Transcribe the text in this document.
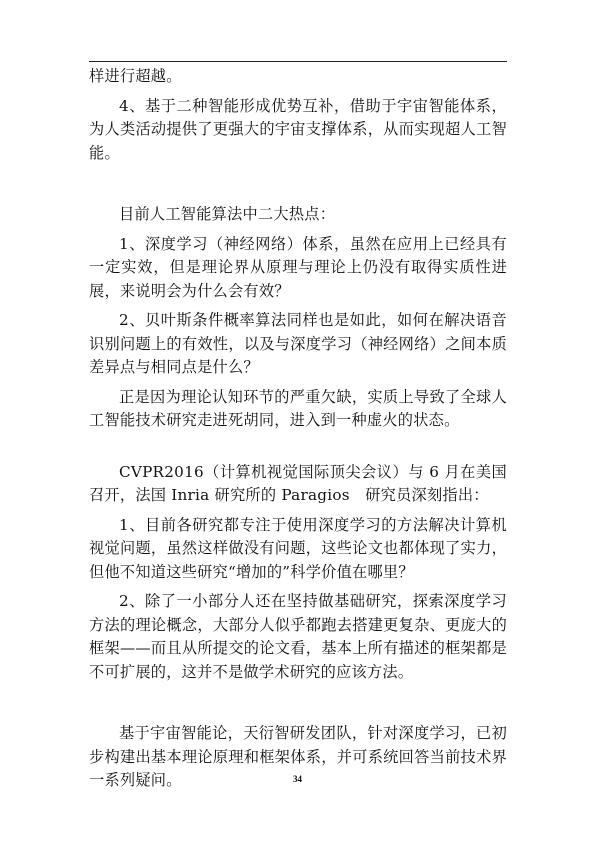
样进行超越。

4、基于二种智能形成优势互补，借助于宇宙智能体系，为人类活动提供了更强大的宇宙支撑体系，从而实现超人工智能。

目前人工智能算法中二大热点：

1、深度学习（神经网络）体系，虽然在应用上已经具有一定实效，但是理论界从原理与理论上仍没有取得实质性进展，来说明会为什么会有效？

2、贝叶斯条件概率算法同样也是如此，如何在解决语音识别问题上的有效性，以及与深度学习（神经网络）之间本质差异点与相同点是什么？

正是因为理论认知环节的严重欠缺，实质上导致了全球人工智能技术研究走进死胡同，进入到一种虚火的状态。

CVPR2016（计算机视觉国际顶尖会议）与 6 月在美国召开，法国 Inria 研究所的 Paragios　研究员深刻指出：

1、目前各研究都专注于使用深度学习的方法解决计算机视觉问题，虽然这样做没有问题，这些论文也都体现了实力，但他不知道这些研究“增加的”科学价值在哪里？

2、除了一小部分人还在坚持做基础研究，探索深度学习方法的理论概念，大部分人似乎都跑去搭建更复杂、更庞大的框架——而且从所提交的论文看，基本上所有描述的框架都是不可扩展的，这并不是做学术研究的应该方法。

基于宇宙智能论，天衍智研发团队，针对深度学习，已初步构建出基本理论原理和框架体系，并可系统回答当前技术界一系列疑问。	34
